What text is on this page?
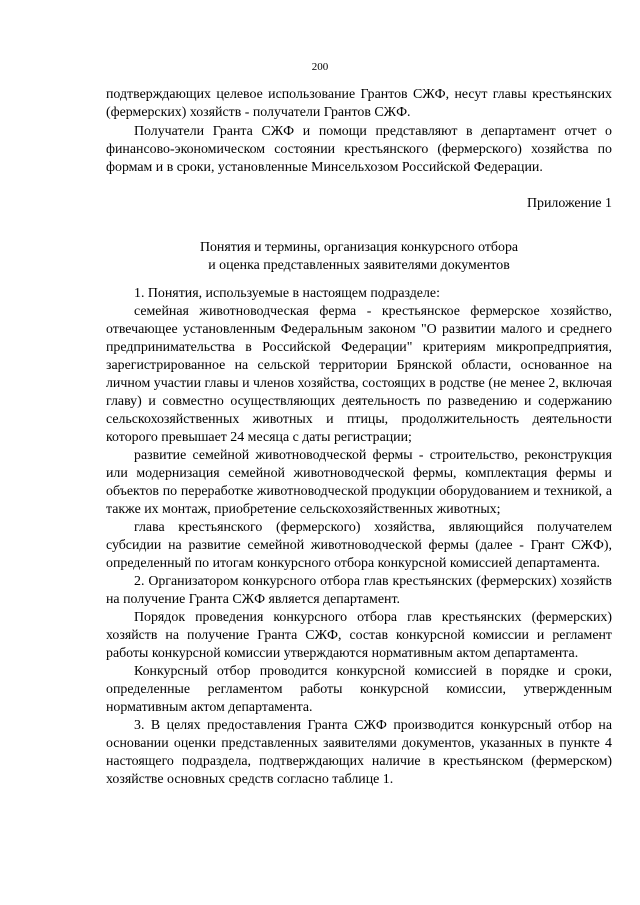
200

подтверждающих целевое использование Грантов СЖФ, несут главы крестьянских (фермерских) хозяйств - получатели Грантов СЖФ.

Получатели Гранта СЖФ и помощи представляют в департамент отчет о финансово-экономическом состоянии крестьянского (фермерского) хозяйства по формам и в сроки, установленные Минсельхозом Российской Федерации.

Приложение 1

Понятия и термины, организация конкурсного отбора
и оценка представленных заявителями документов

1. Понятия, используемые в настоящем подразделе:

семейная животноводческая ферма - крестьянское фермерское хозяйство, отвечающее установленным Федеральным законом "О развитии малого и среднего предпринимательства в Российской Федерации" критериям микропредприятия, зарегистрированное на сельской территории Брянской области, основанное на личном участии главы и членов хозяйства, состоящих в родстве (не менее 2, включая главу) и совместно осуществляющих деятельность по разведению и содержанию сельскохозяйственных животных и птицы, продолжительность деятельности которого превышает 24 месяца с даты регистрации;

развитие семейной животноводческой фермы - строительство, реконструкция или модернизация семейной животноводческой фермы, комплектация фермы и объектов по переработке животноводческой продукции оборудованием и техникой, а также их монтаж, приобретение сельскохозяйственных животных;

глава крестьянского (фермерского) хозяйства, являющийся получателем субсидии на развитие семейной животноводческой фермы (далее - Грант СЖФ), определенный по итогам конкурсного отбора конкурсной комиссией департамента.

2. Организатором конкурсного отбора глав крестьянских (фермерских) хозяйств на получение Гранта СЖФ является департамент.

Порядок проведения конкурсного отбора глав крестьянских (фермерских) хозяйств на получение Гранта СЖФ, состав конкурсной комиссии и регламент работы конкурсной комиссии утверждаются нормативным актом департамента.

Конкурсный отбор проводится конкурсной комиссией в порядке и сроки, определенные регламентом работы конкурсной комиссии, утвержденным нормативным актом департамента.

3. В целях предоставления Гранта СЖФ производится конкурсный отбор на основании оценки представленных заявителями документов, указанных в пункте 4 настоящего подраздела, подтверждающих наличие в крестьянском (фермерском) хозяйстве основных средств согласно таблице 1.
